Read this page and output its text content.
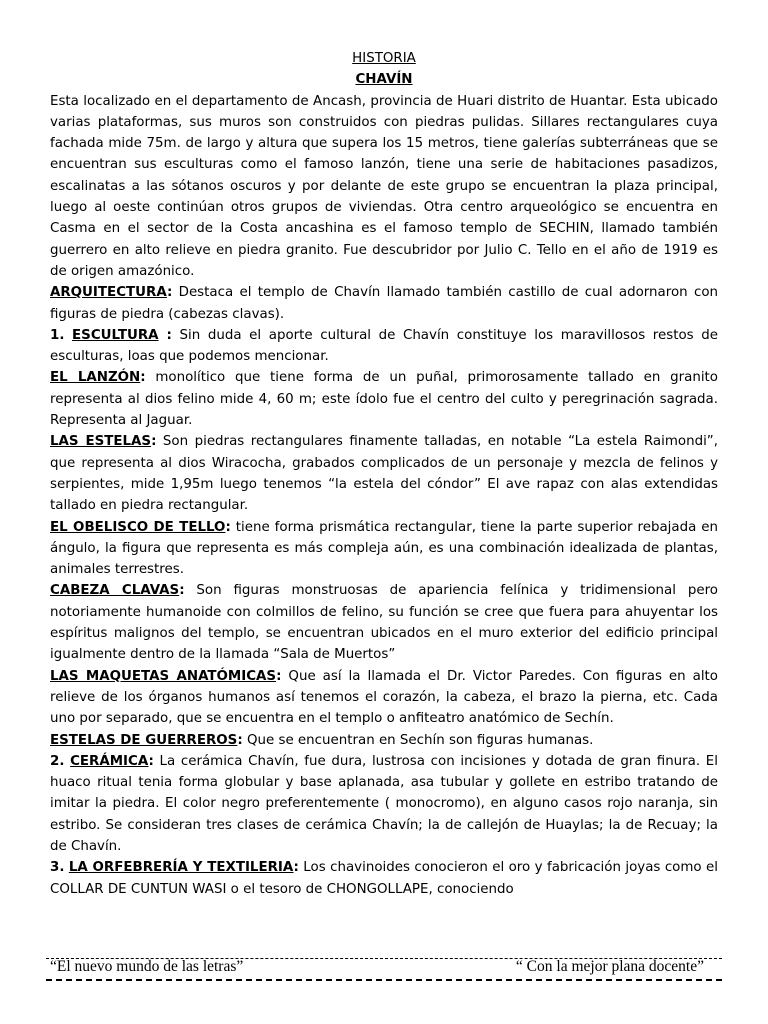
HISTORIA
CHAVÍN
Esta localizado en el departamento de Ancash, provincia de Huari distrito de Huantar. Esta ubicado varias plataformas, sus muros son construidos con piedras pulidas. Sillares rectangulares cuya fachada mide 75m. de largo y altura que supera los 15 metros, tiene galerías subterráneas que se encuentran sus esculturas como el famoso lanzón, tiene una serie de habitaciones pasadizos, escalinatas a las sótanos oscuros y por delante de este grupo se encuentran la plaza principal, luego al oeste continúan otros grupos de viviendas. Otra centro arqueológico se encuentra en Casma en el sector de la Costa ancashina es el famoso templo de SECHIN, llamado también guerrero en alto relieve en piedra granito. Fue descubridor por Julio C. Tello en el año de 1919 es de origen amazónico.
ARQUITECTURA: Destaca el templo de Chavín llamado también castillo de cual adornaron con figuras de piedra (cabezas clavas).
1. ESCULTURA : Sin duda el aporte cultural de Chavín constituye los maravillosos restos de esculturas, loas que podemos mencionar.
EL LANZÓN: monolítico que tiene forma de un puñal, primorosamente tallado en granito representa al dios felino mide 4, 60 m; este ídolo fue el centro del culto y peregrinación sagrada. Representa al Jaguar.
LAS ESTELAS: Son piedras rectangulares finamente talladas, en notable “La estela Raimondi”, que representa al dios Wiracocha, grabados complicados de un personaje y mezcla de felinos y serpientes, mide 1,95m luego tenemos “la estela del cóndor” El ave rapaz con alas extendidas tallado en piedra rectangular.
EL OBELISCO DE TELLO: tiene forma prismática rectangular, tiene la parte superior rebajada en ángulo, la figura que representa es más compleja aún, es una combinación idealizada de plantas, animales terrestres.
CABEZA CLAVAS: Son figuras monstruosas de apariencia felínica y tridimensional pero notoriamente humanoide con colmillos de felino, su función se cree que fuera para ahuyentar los espíritus malignos del templo, se encuentran ubicados en el muro exterior del edificio principal igualmente dentro de la llamada “Sala de Muertos”
LAS MAQUETAS ANATÓMICAS: Que así la llamada el Dr. Victor Paredes. Con figuras en alto relieve de los órganos humanos así tenemos el corazón, la cabeza, el brazo la pierna, etc. Cada uno por separado, que se encuentra en el templo o anfiteatro anatómico de Sechín.
ESTELAS DE GUERREROS: Que se encuentran en Sechín son figuras humanas.
2. CERÁMICA: La cerámica Chavín, fue dura, lustrosa con incisiones y dotada de gran finura. El huaco ritual tenia forma globular y base aplanada, asa tubular y gollete en estribo tratando de imitar la piedra. El color negro preferentemente ( monocromo), en alguno casos rojo naranja, sin estribo. Se consideran tres clases de cerámica Chavín; la de callejón de Huaylas; la de Recuay; la de Chavín.
3. LA ORFEBRERÍA Y TEXTILERIA: Los chavinoides conocieron el oro y fabricación joyas como el COLLAR DE CUNTUN WASI o el tesoro de CHONGOLLAPE, conociendo
“El nuevo mundo de las letras”	“ Con la mejor plana docente”
